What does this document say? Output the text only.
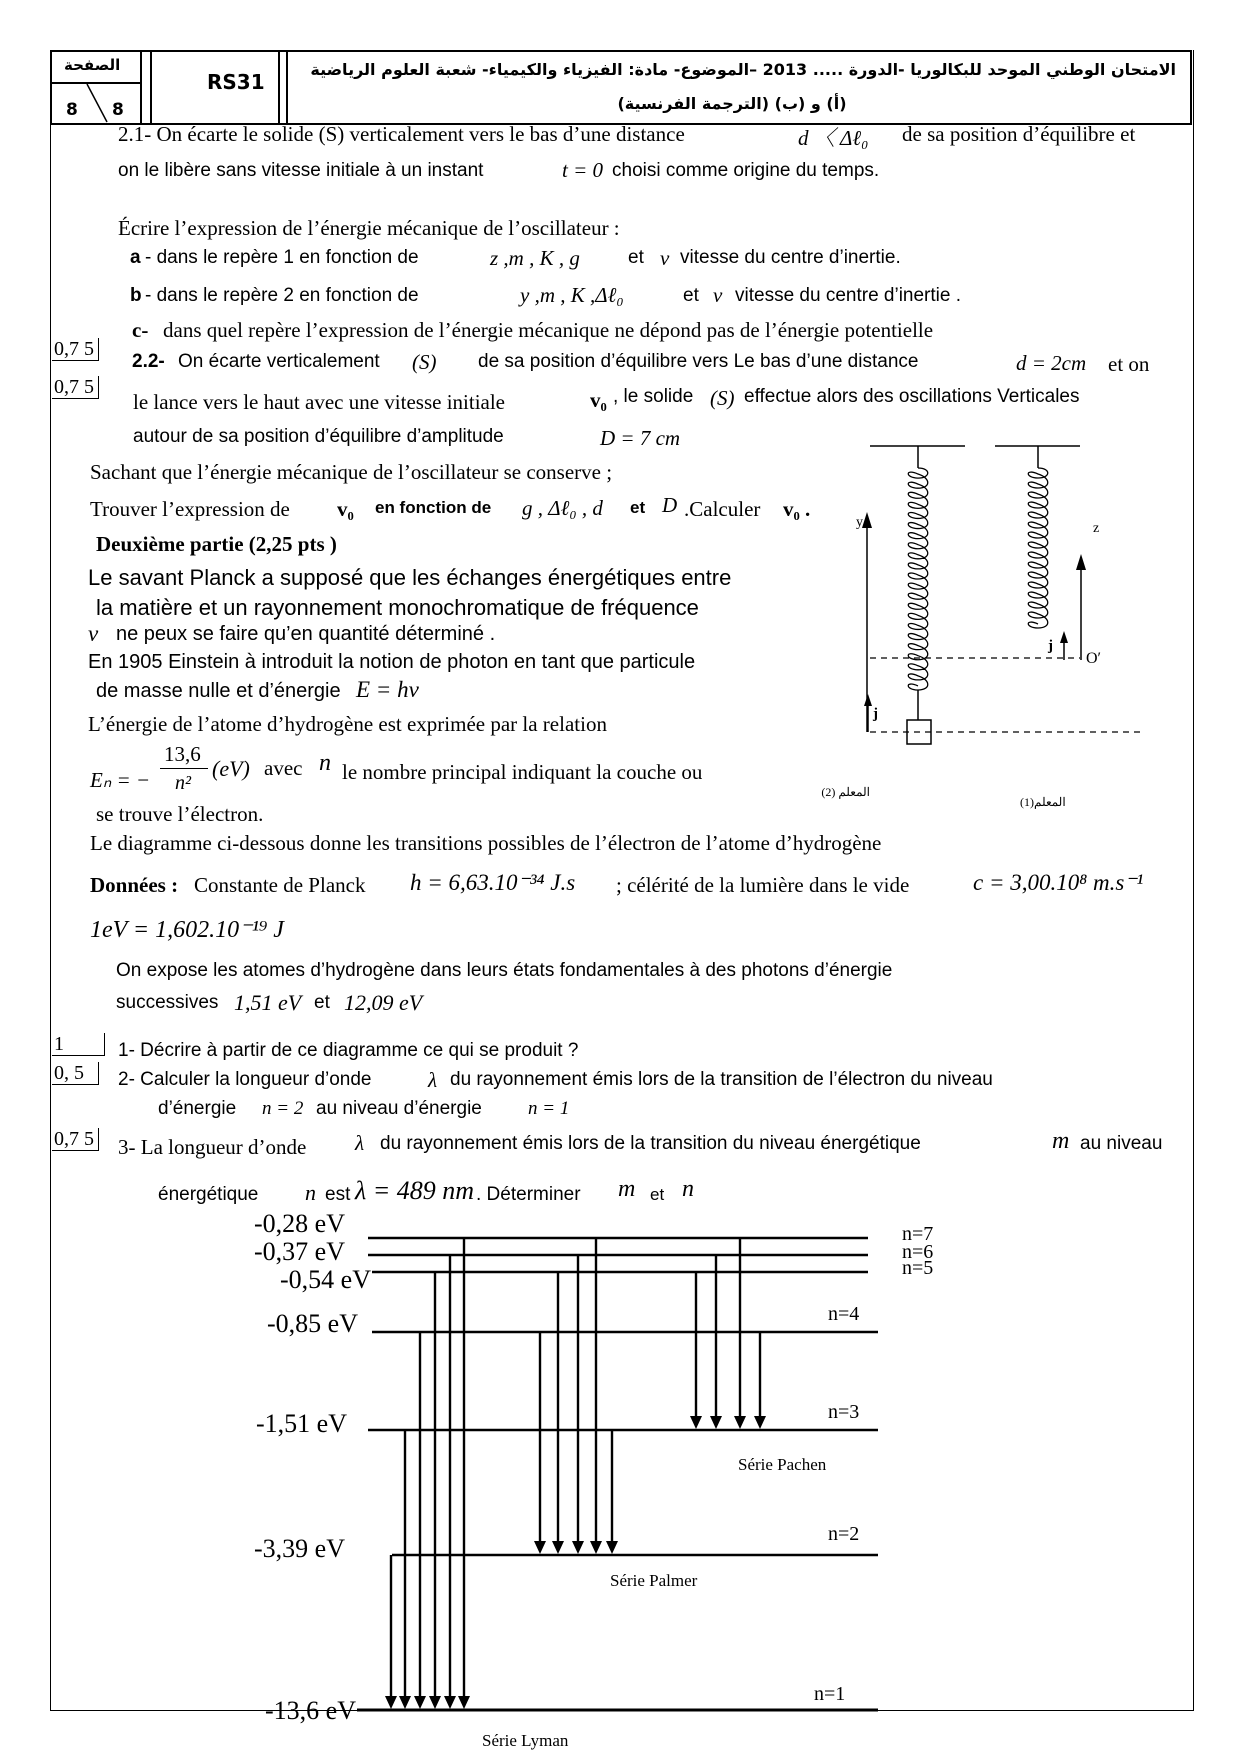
الصفحة
8 8
RS31
الامتحان الوطني الموحد للبكالوريا -الدورة ..... 2013 –الموضوع- مادة: الفيزياء والكيمياء- شعبة العلوم الرياضية
(أ) و (ب) (الترجمة الفرنسية)
0,7 5
0,7 5
1
0, 5
0,7 5
2.1- On écarte le solide (S) verticalement vers le bas d’une distance	d 〈 Δℓ₀ de sa position d’équilibre et
on le libère sans vitesse initiale à un instant	t = 0 choisi comme origine du temps.
Écrire l’expression de l’énergie mécanique de l’oscillateur :
a - dans le repère 1 en fonction de	z ,m , K , g	et v vitesse du centre d’inertie.
b - dans le repère 2 en fonction de	y ,m , K ,Δℓ₀	et v vitesse du centre d’inertie .
c- dans quel repère l’expression de l’énergie mécanique ne dépond pas de l’énergie potentielle
2.2- On écarte verticalement (S) de sa position d’équilibre vers Le bas d’une distance	d = 2cm et on
le lance vers le haut avec une vitesse initiale	v₀ , le solide (S) effectue alors des oscillations Verticales
autour de sa position d’équilibre d’amplitude	D = 7 cm
Sachant que l’énergie mécanique de l’oscillateur se conserve ;
Trouver l’expression de v₀ en fonction de g , Δℓ₀ , d et D .Calculer v₀ .
y	z
j
j
O′
المعلم (2)
المعلم(1)
Deuxième partie (2,25 pts )
Le savant Planck a supposé que les échanges énergétiques entre
la matière et un rayonnement monochromatique de fréquence
ν ne peux se faire qu’en quantité déterminé .
En 1905 Einstein à introduit la notion de photon en tant que particule
de masse nulle et d’énergie E = hν
L’énergie de l’atome d’hydrogène est exprimée par la relation
Eₙ = −
13,6
n²
(eV) avec n le nombre principal indiquant la couche ou
se trouve l’électron.
Le diagramme ci-dessous donne les transitions possibles de l’électron de l’atome d’hydrogène
Données : Constante de Planck h = 6,63.10⁻³⁴ J.s ; célérité de la lumière dans le vide	c = 3,00.10⁸ m.s⁻¹
1eV = 1,602.10⁻¹⁹ J
On expose les atomes d’hydrogène dans leurs états fondamentales à des photons d’énergie
successives 1,51 eV et 12,09 eV
1- Décrire à partir de ce diagramme ce qui se produit ?
2- Calculer la longueur d’onde	λ du rayonnement émis lors de la transition de l’électron du niveau
d’énergie n = 2 au niveau d’énergie n = 1
3- La longueur d’onde λ du rayonnement émis lors de la transition du niveau énergétique	m au niveau
énergétique n est λ = 489 nm . Déterminer m et n
-0,28 eV
-0,37 eV
-0,54 eV
-0,85 eV
-1,51 eV
-3,39 eV
-13,6 eV
n=7
n=6
n=5
n=4
n=3
n=2
n=1
Série Pachen
Série Palmer
Série Lyman
